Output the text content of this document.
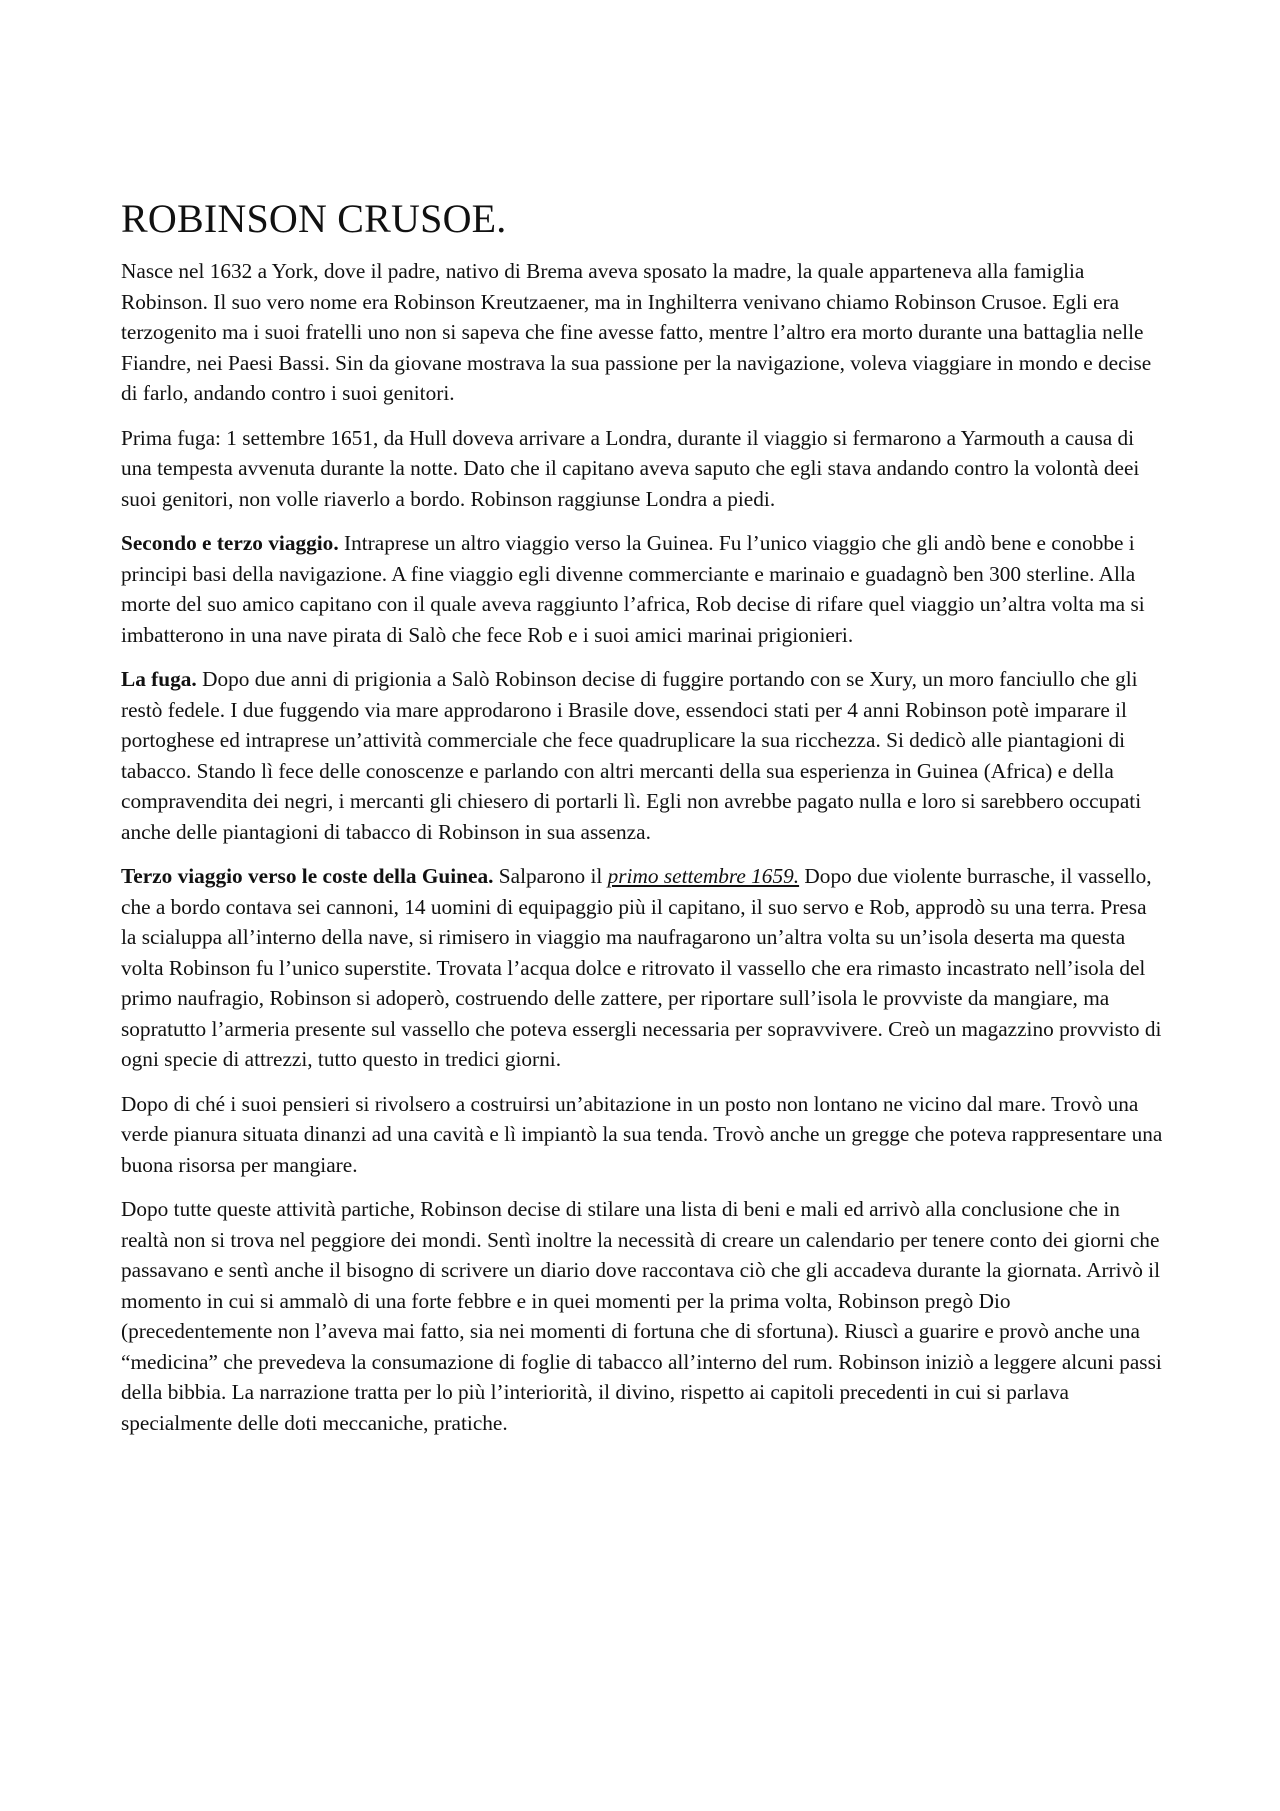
ROBINSON CRUSOE.

Nasce nel 1632 a York, dove il padre, nativo di Brema aveva sposato la madre, la quale apparteneva alla famiglia Robinson. Il suo vero nome era Robinson Kreutzaener, ma in Inghilterra venivano chiamo Robinson Crusoe. Egli era terzogenito ma i suoi fratelli uno non si sapeva che fine avesse fatto, mentre l’altro era morto durante una battaglia nelle Fiandre, nei Paesi Bassi. Sin da giovane mostrava la sua passione per la navigazione, voleva viaggiare in mondo e decise di farlo, andando contro i suoi genitori.

Prima fuga: 1 settembre 1651, da Hull doveva arrivare a Londra, durante il viaggio si fermarono a Yarmouth a causa di una tempesta avvenuta durante la notte. Dato che il capitano aveva saputo che egli stava andando contro la volontà deei suoi genitori, non volle riaverlo a bordo. Robinson raggiunse Londra a piedi.

Secondo e terzo viaggio. Intraprese un altro viaggio verso la Guinea. Fu l’unico viaggio che gli andò bene e conobbe i principi basi della navigazione. A fine viaggio egli divenne commerciante e marinaio e guadagnò ben 300 sterline. Alla morte del suo amico capitano con il quale aveva raggiunto l’africa, Rob decise di rifare quel viaggio un’altra volta ma si imbatterono in una nave pirata di Salò che fece Rob e i suoi amici marinai prigionieri.

La fuga. Dopo due anni di prigionia a Salò Robinson decise di fuggire portando con se Xury, un moro fanciullo che gli restò fedele. I due fuggendo via mare approdarono i Brasile dove, essendoci stati per 4 anni Robinson potè imparare il portoghese ed intraprese un’attività commerciale che fece quadruplicare la sua ricchezza. Si dedicò alle piantagioni di tabacco. Stando lì fece delle conoscenze e parlando con altri mercanti della sua esperienza in Guinea (Africa) e della compravendita dei negri, i mercanti gli chiesero di portarli lì. Egli non avrebbe pagato nulla e loro si sarebbero occupati anche delle piantagioni di tabacco di Robinson in sua assenza.

Terzo viaggio verso le coste della Guinea. Salparono il primo settembre 1659. Dopo due violente burrasche, il vassello, che a bordo contava sei cannoni, 14 uomini di equipaggio più il capitano, il suo servo e Rob, approdò su una terra. Presa la scialuppa all’interno della nave, si rimisero in viaggio ma naufragarono un’altra volta su un’isola deserta ma questa volta Robinson fu l’unico superstite. Trovata l’acqua dolce e ritrovato il vassello che era rimasto incastrato nell’isola del primo naufragio, Robinson si adoperò, costruendo delle zattere, per riportare sull’isola le provviste da mangiare, ma sopratutto l’armeria presente sul vassello che poteva essergli necessaria per sopravvivere. Creò un magazzino provvisto di ogni specie di attrezzi, tutto questo in tredici giorni.

Dopo di ché i suoi pensieri si rivolsero a costruirsi un’abitazione in un posto non lontano ne vicino dal mare. Trovò una verde pianura situata dinanzi ad una cavità e lì impiantò la sua tenda. Trovò anche un gregge che poteva rappresentare una buona risorsa per mangiare.

Dopo tutte queste attività partiche, Robinson decise di stilare una lista di beni e mali ed arrivò alla conclusione che in realtà non si trova nel peggiore dei mondi. Sentì inoltre la necessità di creare un calendario per tenere conto dei giorni che passavano e sentì anche il bisogno di scrivere un diario dove raccontava ciò che gli accadeva durante la giornata. Arrivò il momento in cui si ammalò di una forte febbre e in quei momenti per la prima volta, Robinson pregò Dio (precedentemente non l’aveva mai fatto, sia nei momenti di fortuna che di sfortuna). Riuscì a guarire e provò anche una “medicina” che prevedeva la consumazione di foglie di tabacco all’interno del rum. Robinson iniziò a leggere alcuni passi della bibbia. La narrazione tratta per lo più l’interiorità, il divino, rispetto ai capitoli precedenti in cui si parlava specialmente delle doti meccaniche, pratiche.
